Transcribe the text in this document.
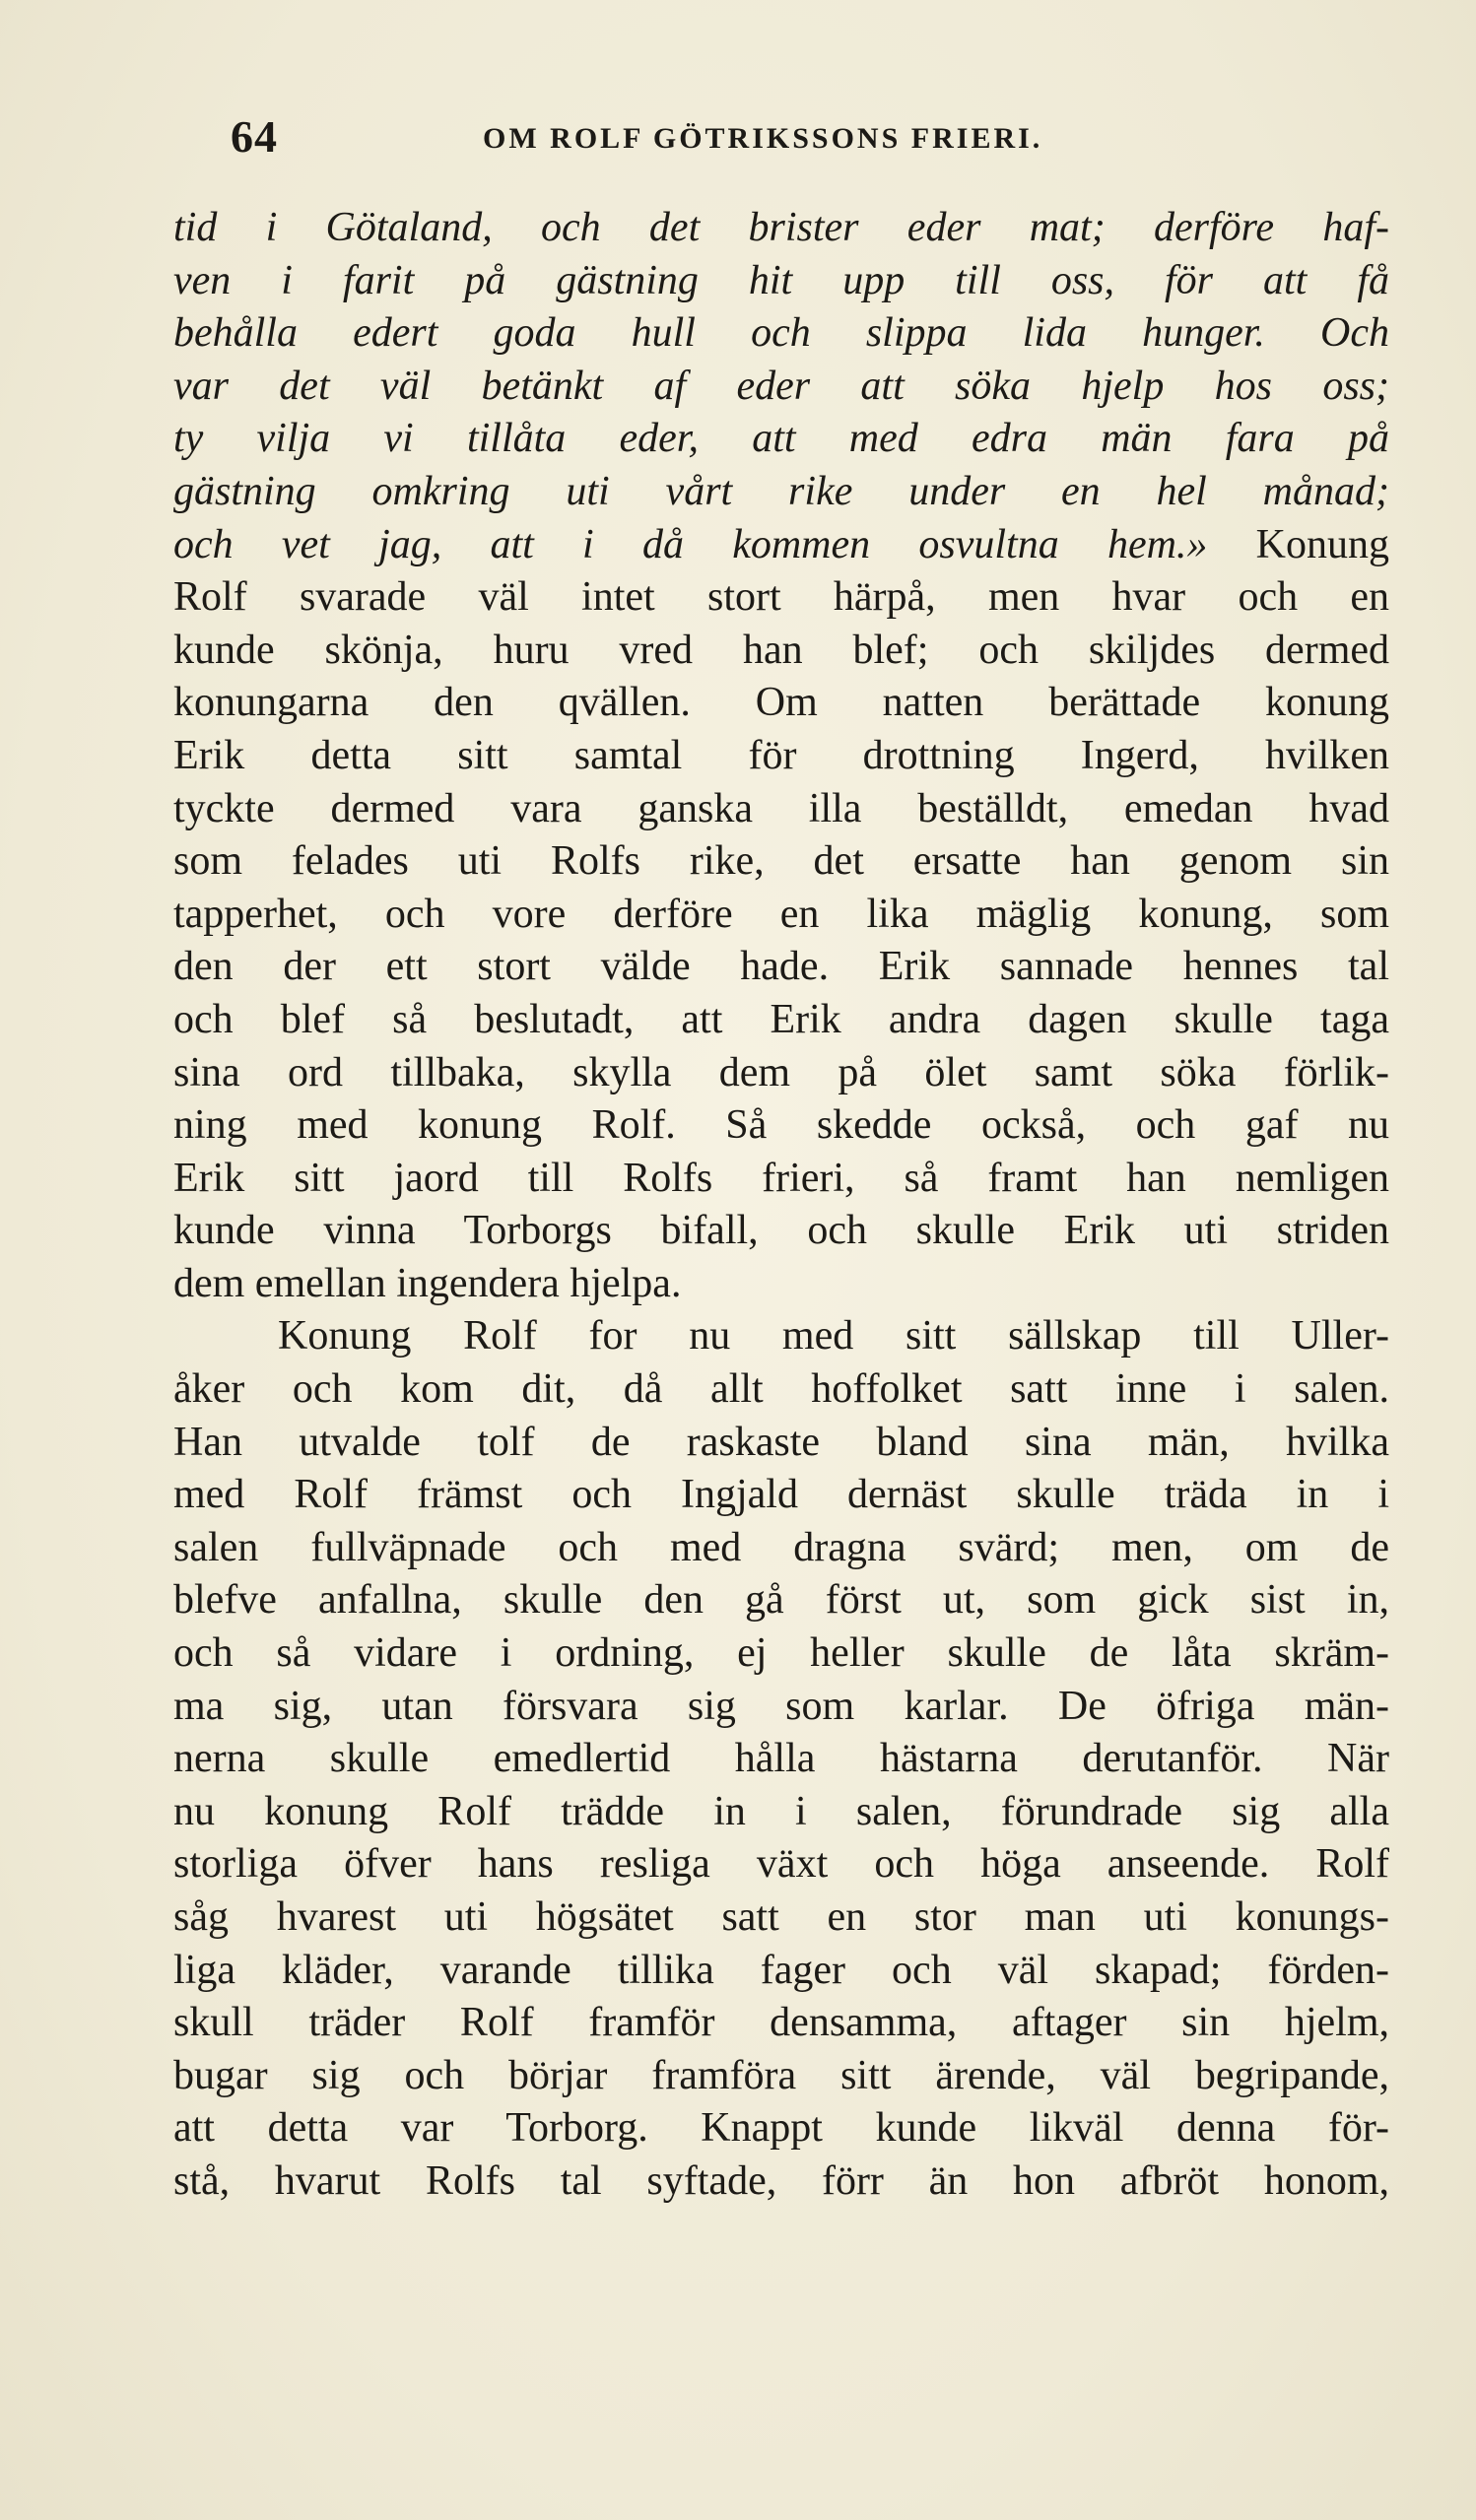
64	OM ROLF GÖTRIKSSONS FRIERI.
tid i Götaland, och det brister eder mat; derföre haf-
ven i farit på gästning hit upp till oss, för att få
behålla edert goda hull och slippa lida hunger. Och
var det väl betänkt af eder att söka hjelp hos oss;
ty vilja vi tillåta eder, att med edra män fara på
gästning omkring uti vårt rike under en hel månad;
och vet jag, att i då kommen osvultna hem.» Konung
Rolf svarade väl intet stort härpå, men hvar och en
kunde skönja, huru vred han blef; och skiljdes dermed
konungarna den qvällen. Om natten berättade konung
Erik detta sitt samtal för drottning Ingerd, hvilken
tyckte dermed vara ganska illa beställdt, emedan hvad
som felades uti Rolfs rike, det ersatte han genom sin
tapperhet, och vore derföre en lika mäglig konung, som
den der ett stort välde hade. Erik sannade hennes tal
och blef så beslutadt, att Erik andra dagen skulle taga
sina ord tillbaka, skylla dem på ölet samt söka förlik-
ning med konung Rolf. Så skedde också, och gaf nu
Erik sitt jaord till Rolfs frieri, så framt han nemligen
kunde vinna Torborgs bifall, och skulle Erik uti striden
dem emellan ingendera hjelpa.
Konung Rolf for nu med sitt sällskap till Uller-
åker och kom dit, då allt hoffolket satt inne i salen.
Han utvalde tolf de raskaste bland sina män, hvilka
med Rolf främst och Ingjald dernäst skulle träda in i
salen fullväpnade och med dragna svärd; men, om de
blefve anfallna, skulle den gå först ut, som gick sist in,
och så vidare i ordning, ej heller skulle de låta skräm-
ma sig, utan försvara sig som karlar. De öfriga män-
nerna skulle emedlertid hålla hästarna derutanför. När
nu konung Rolf trädde in i salen, förundrade sig alla
storliga öfver hans resliga växt och höga anseende. Rolf
såg hvarest uti högsätet satt en stor man uti konungs-
liga kläder, varande tillika fager och väl skapad; förden-
skull träder Rolf framför densamma, aftager sin hjelm,
bugar sig och börjar framföra sitt ärende, väl begripande,
att detta var Torborg. Knappt kunde likväl denna för-
stå, hvarut Rolfs tal syftade, förr än hon afbröt honom,
